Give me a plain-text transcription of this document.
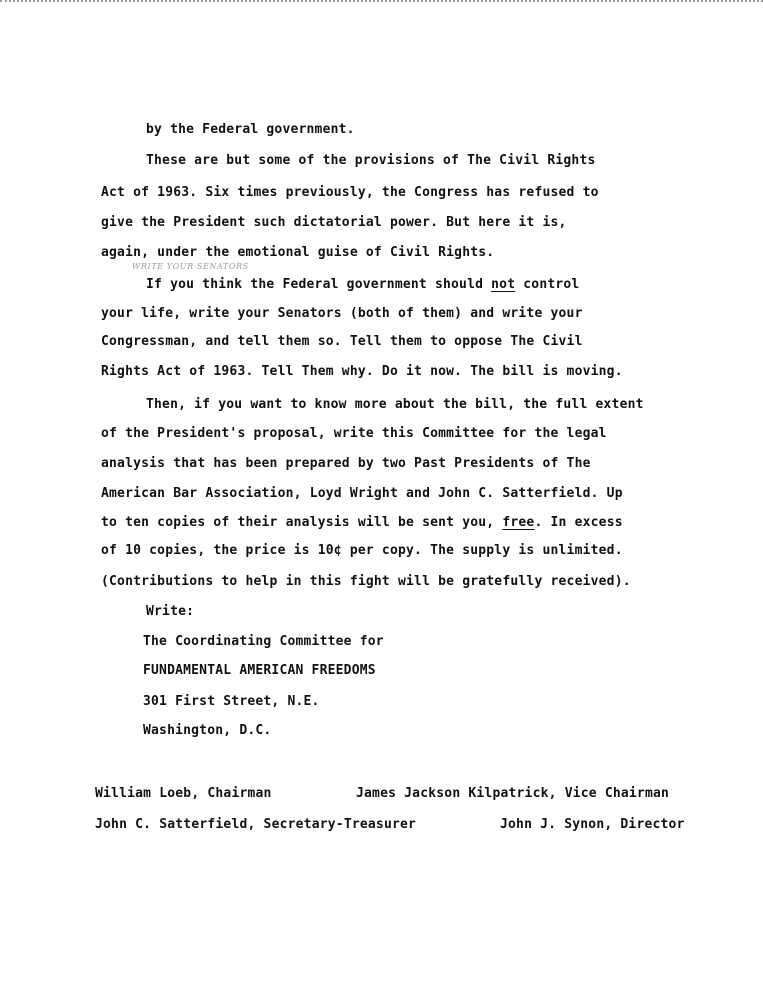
by the Federal government.
These are but some of the provisions of The Civil Rights
Act of 1963. Six times previously, the Congress has refused to
give the President such dictatorial power. But here it is,
again, under the emotional guise of Civil Rights.
WRITE YOUR SENATORS
If you think the Federal government should not control
your life, write your Senators (both of them) and write your
Congressman, and tell them so. Tell them to oppose The Civil
Rights Act of 1963. Tell Them why. Do it now. The bill is moving.
Then, if you want to know more about the bill, the full extent
of the President's proposal, write this Committee for the legal
analysis that has been prepared by two Past Presidents of The
American Bar Association, Loyd Wright and John C. Satterfield. Up
to ten copies of their analysis will be sent you, free. In excess
of 10 copies, the price is 10¢ per copy. The supply is unlimited.
(Contributions to help in this fight will be gratefully received).
Write:
The Coordinating Committee for
FUNDAMENTAL AMERICAN FREEDOMS
301 First Street, N.E.
Washington, D.C.
William Loeb, Chairman	James Jackson Kilpatrick, Vice Chairman
John C. Satterfield, Secretary-Treasurer	John J. Synon, Director
